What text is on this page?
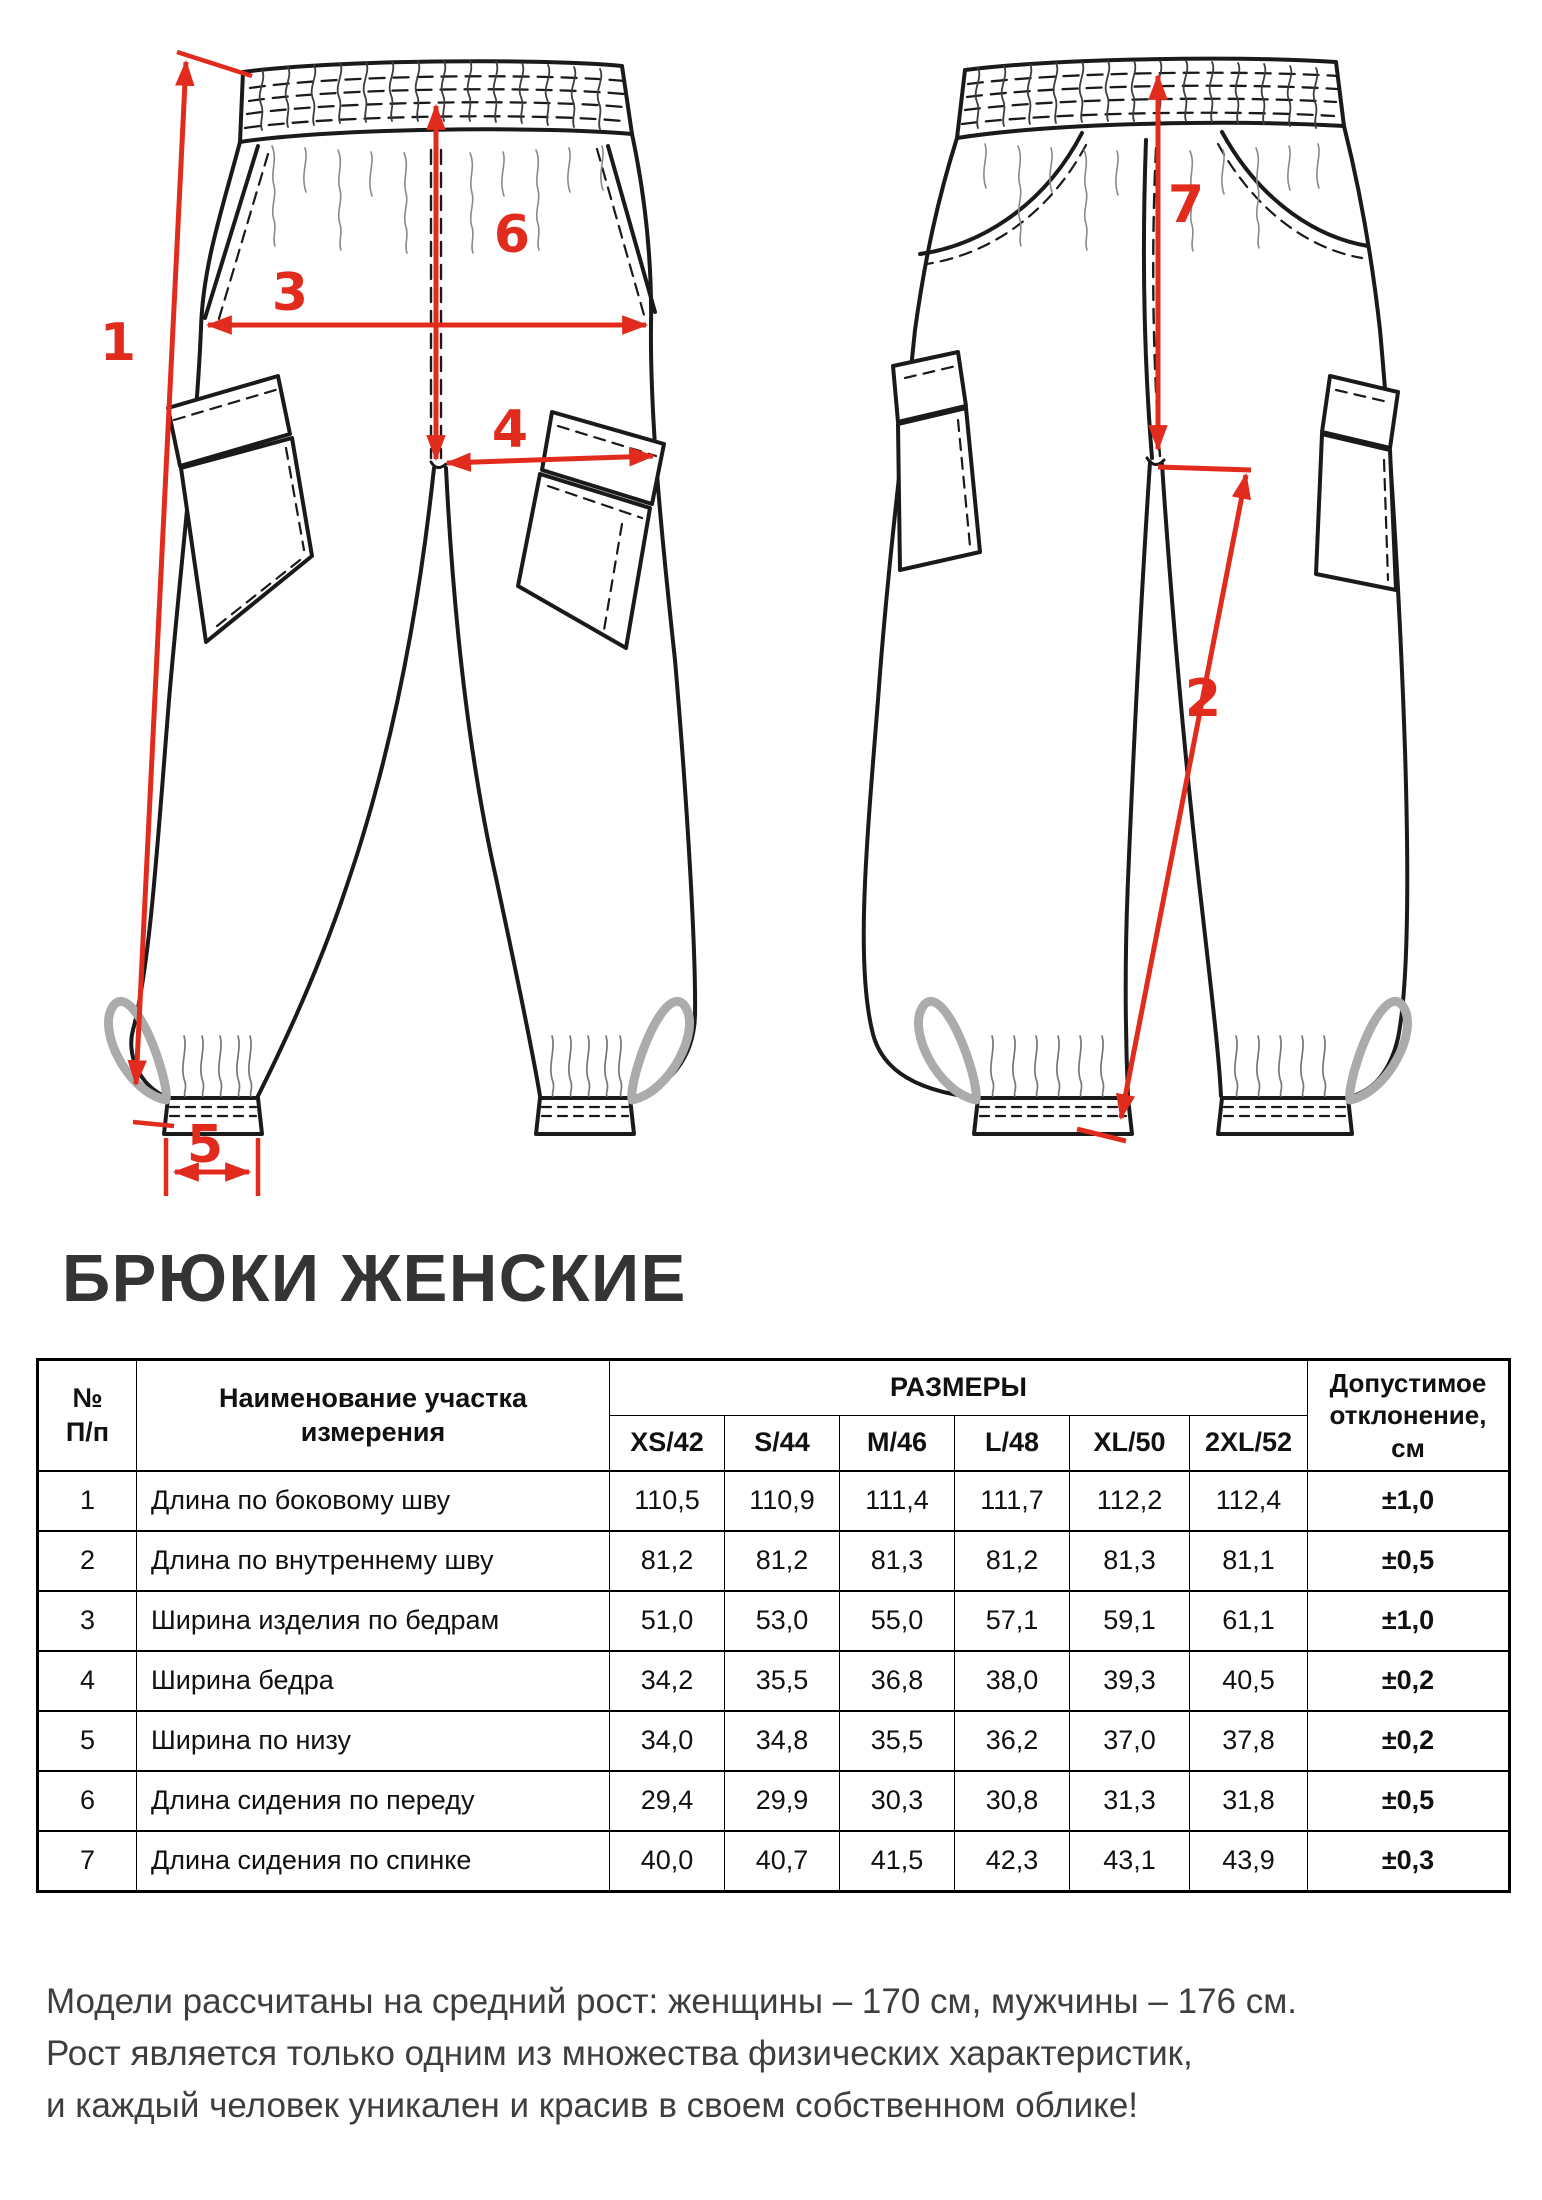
1
3
6
4
5
7
2
БРЮКИ ЖЕНСКИЕ
№
П/п	Наименование участка измерения	РАЗМЕРЫ						Допустимое отклонение, см
		XS/42	S/44	M/46	L/48	XL/50	2XL/52	
1	Длина по боковому шву	110,5	110,9	111,4	111,7	112,2	112,4	±1,0
2	Длина по внутреннему шву	81,2	81,2	81,3	81,2	81,3	81,1	±0,5
3	Ширина изделия по бедрам	51,0	53,0	55,0	57,1	59,1	61,1	±1,0
4	Ширина бедра	34,2	35,5	36,8	38,0	39,3	40,5	±0,2
5	Ширина по низу	34,0	34,8	35,5	36,2	37,0	37,8	±0,2
6	Длина сидения по переду	29,4	29,9	30,3	30,8	31,3	31,8	±0,5
7	Длина сидения по спинке	40,0	40,7	41,5	42,3	43,1	43,9	±0,3
Модели рассчитаны на средний рост: женщины – 170 см, мужчины – 176 см.
Рост является только одним из множества физических характеристик,
и каждый человек уникален и красив в своем собственном облике!
